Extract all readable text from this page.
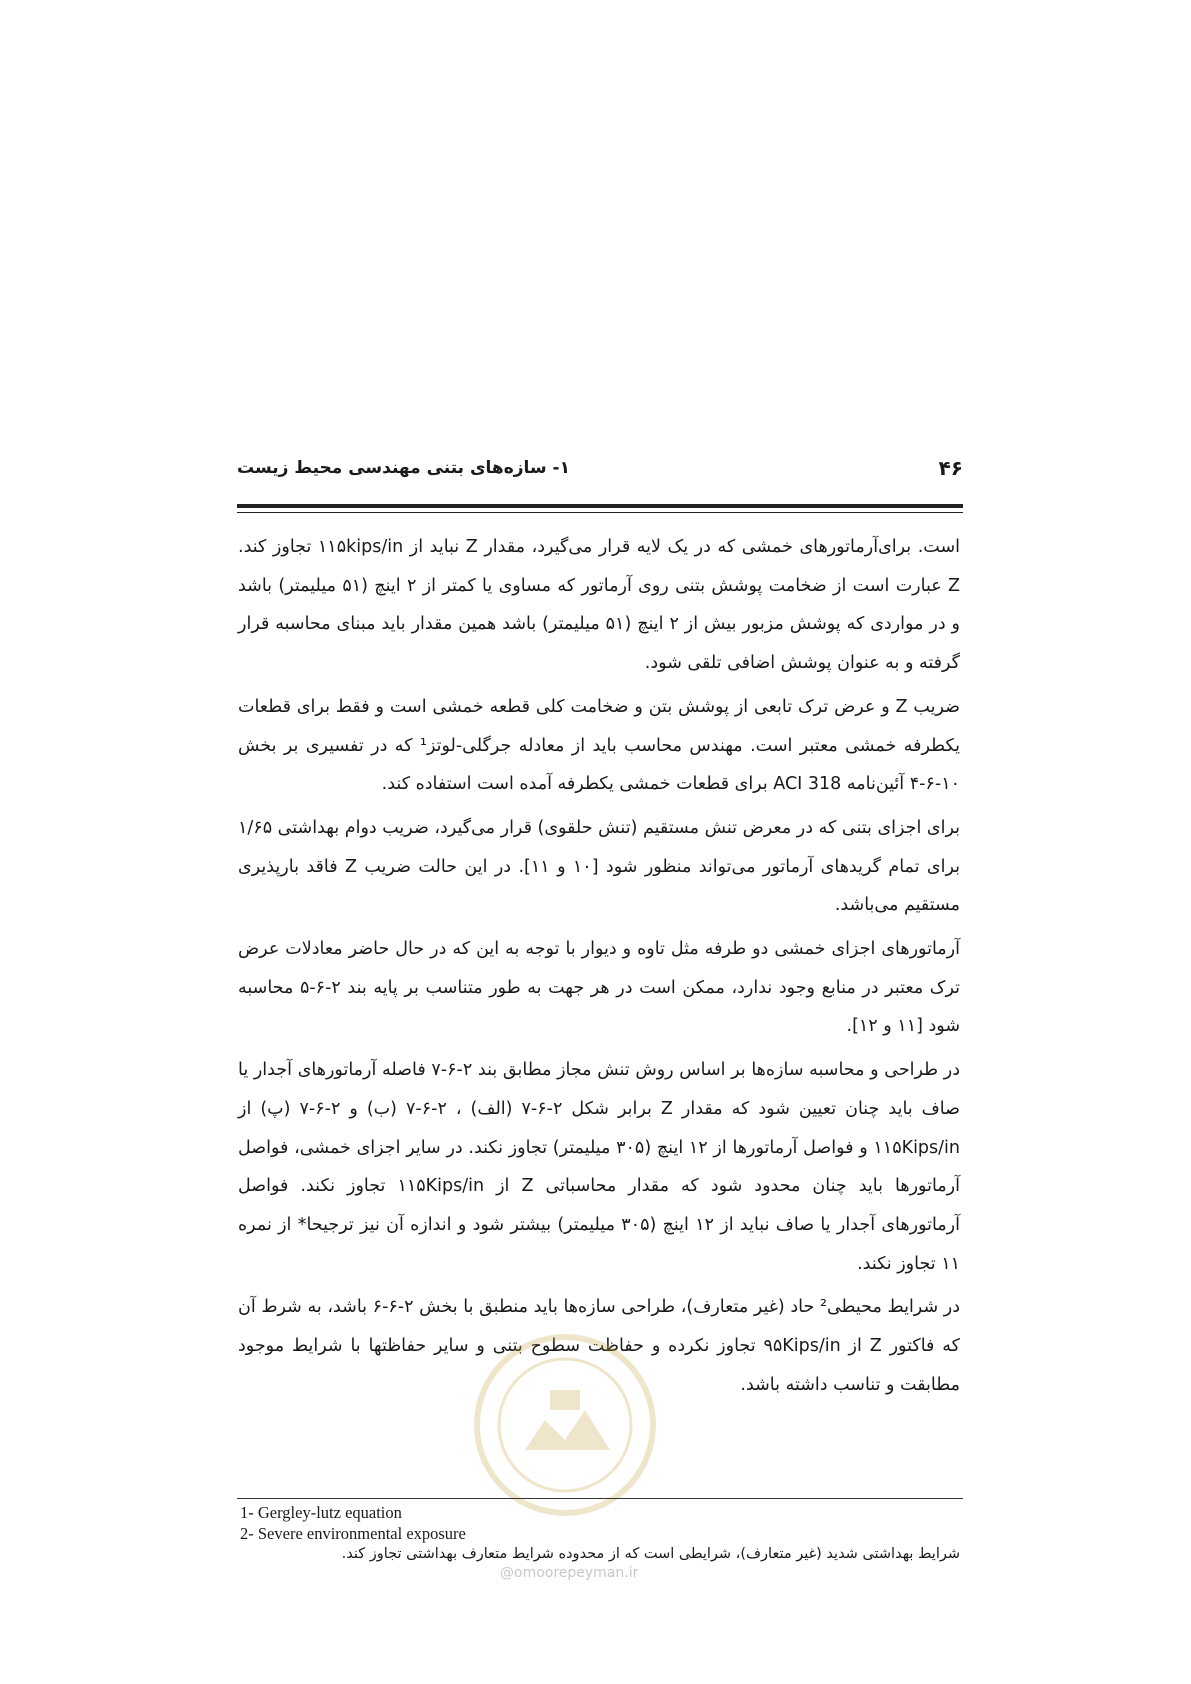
۱- سازه‌های بتنی مهندسی محیط زیست	۴۶

است. برای‌آرماتورهای خمشی که در یک لایه قرار می‌گیرد، مقدار Z نباید از ۱۱۵kips/in تجاوز کند. Z عبارت است از ضخامت پوشش بتنی روی آرماتور که مساوی یا کمتر از ۲ اینچ (۵۱ میلیمتر) باشد و در مواردی که پوشش مزبور بیش از ۲ اینچ (۵۱ میلیمتر) باشد همین مقدار باید مبنای محاسبه قرار گرفته و به عنوان پوشش اضافی تلقی شود.

ضریب Z و عرض ترک تابعی از پوشش بتن و ضخامت کلی قطعه خمشی است و فقط برای قطعات یکطرفه خمشی معتبر است. مهندس محاسب باید از معادله جرگلی-لوتز¹ که در تفسیری بر بخش ۱۰-۶-۴ آئین‌نامه ACI 318 برای قطعات خمشی یکطرفه آمده است استفاده کند.

برای اجزای بتنی که در معرض تنش مستقیم (تنش حلقوی) قرار می‌گیرد، ضریب دوام بهداشتی ۱/۶۵ برای تمام گریدهای آرماتور می‌تواند منظور شود [۱۰ و ۱۱]. در این حالت ضریب Z فاقد بارپذیری مستقیم می‌باشد.

آرماتورهای اجزای خمشی دو طرفه مثل تاوه و دیوار با توجه به این که در حال حاضر معادلات عرض ترک معتبر در منابع وجود ندارد، ممکن است در هر جهت به طور متناسب بر پایه بند ۲-۶-۵ محاسبه شود [۱۱ و ۱۲].

در طراحی و محاسبه سازه‌ها بر اساس روش تنش مجاز مطابق بند ۲-۶-۷ فاصله آرماتورهای آجدار یا صاف باید چنان تعیین شود که مقدار Z برابر شکل ۲-۶-۷ (الف) ، ۲-۶-۷ (ب) و ۲-۶-۷ (پ) از ۱۱۵Kips/in و فواصل آرماتورها از ۱۲ اینچ (۳۰۵ میلیمتر) تجاوز نکند. در سایر اجزای خمشی، فواصل آرماتورها باید چنان محدود شود که مقدار محاسباتی Z از ۱۱۵Kips/in تجاوز نکند. فواصل آرماتورهای آجدار یا صاف نباید از ۱۲ اینچ (۳۰۵ میلیمتر) بیشتر شود و اندازه آن نیز ترجیحا* از نمره ۱۱ تجاوز نکند.

در شرایط محیطی² حاد (غیر متعارف)، طراحی سازه‌ها باید منطبق با بخش ۲-۶-۶ باشد، به شرط آن که فاکتور Z از ۹۵Kips/in تجاوز نکرده و حفاظت سطوح بتنی و سایر حفاظتها با شرایط موجود مطابقت و تناسب داشته باشد.

1- Gergley-lutz equation
2- Severe environmental exposure
شرایط بهداشتی شدید (غیر متعارف)، شرایطی است که از محدوده شرایط متعارف بهداشتی تجاوز کند.
@omoorepeyman.ir
